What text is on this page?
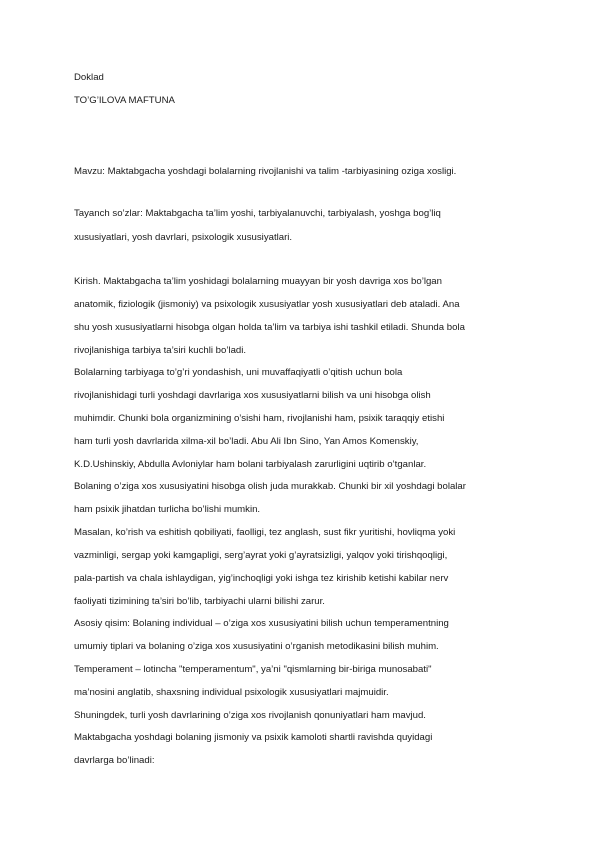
Doklad
TO’G’ILOVA MAFTUNA
Mavzu: Maktabgacha yoshdagi bolalarning rivojlanishi va talim -tarbiyasining oziga xosligi.
Tayanch so’zlar: Maktabgacha ta’lim yoshi, tarbiyalanuvchi, tarbiyalash, yoshga bog’liq
xususiyatlari, yosh davrlari, psixologik xususiyatlari.
Kirish. Maktabgacha ta’lim yoshidagi bolalarning muayyan bir yosh davriga xos bo’lgan
anatomik, fiziologik (jismoniy) va psixologik xususiyatlar yosh xususiyatlari deb ataladi. Ana
shu yosh xususiyatlarni hisobga olgan holda ta’lim va tarbiya ishi tashkil etiladi. Shunda bola
rivojlanishiga tarbiya ta’siri kuchli bo’ladi.
Bolalarning tarbiyaga to’g’ri yondashish, uni muvaffaqiyatli o’qitish uchun bola
rivojlanishidagi turli yoshdagi davrlariga xos xususiyatlarni bilish va uni hisobga olish
muhimdir. Chunki bola organizmining o’sishi ham, rivojlanishi ham, psixik taraqqiy etishi
ham turli yosh davrlarida xilma-xil bo’ladi. Abu Ali Ibn Sino, Yan Amos Komenskiy,
K.D.Ushinskiy, Abdulla Avloniylar ham bolani tarbiyalash zarurligini uqtirib o’tganlar.
Bolaning o’ziga xos xususiyatini hisobga olish juda murakkab. Chunki bir xil yoshdagi bolalar
ham psixik jihatdan turlicha bo’lishi mumkin.
Masalan, ko’rish va eshitish qobiliyati, faolligi, tez anglash, sust fikr yuritishi, hovliqma yoki
vazminligi, sergap yoki kamgapligi, serg’ayrat yoki g’ayratsizligi, yalqov yoki tirishqoqligi,
pala-partish va chala ishlaydigan, yig’inchoqligi yoki ishga tez kirishib ketishi kabilar nerv
faoliyati tizimining ta’siri bo’lib, tarbiyachi ularni bilishi zarur.
Asosiy qisim: Bolaning individual – o’ziga xos xususiyatini bilish uchun temperamentning
umumiy tiplari va bolaning o’ziga xos xususiyatini o’rganish metodikasini bilish muhim.
Temperament – lotincha "temperamentum", ya’ni "qismlarning bir-biriga munosabati"
ma’nosini anglatib, shaxsning individual psixologik xususiyatlari majmuidir.
Shuningdek, turli yosh davrlarining o’ziga xos rivojlanish qonuniyatlari ham mavjud.
Maktabgacha yoshdagi bolaning jismoniy va psixik kamoloti shartli ravishda quyidagi
davrlarga bo’linadi:
